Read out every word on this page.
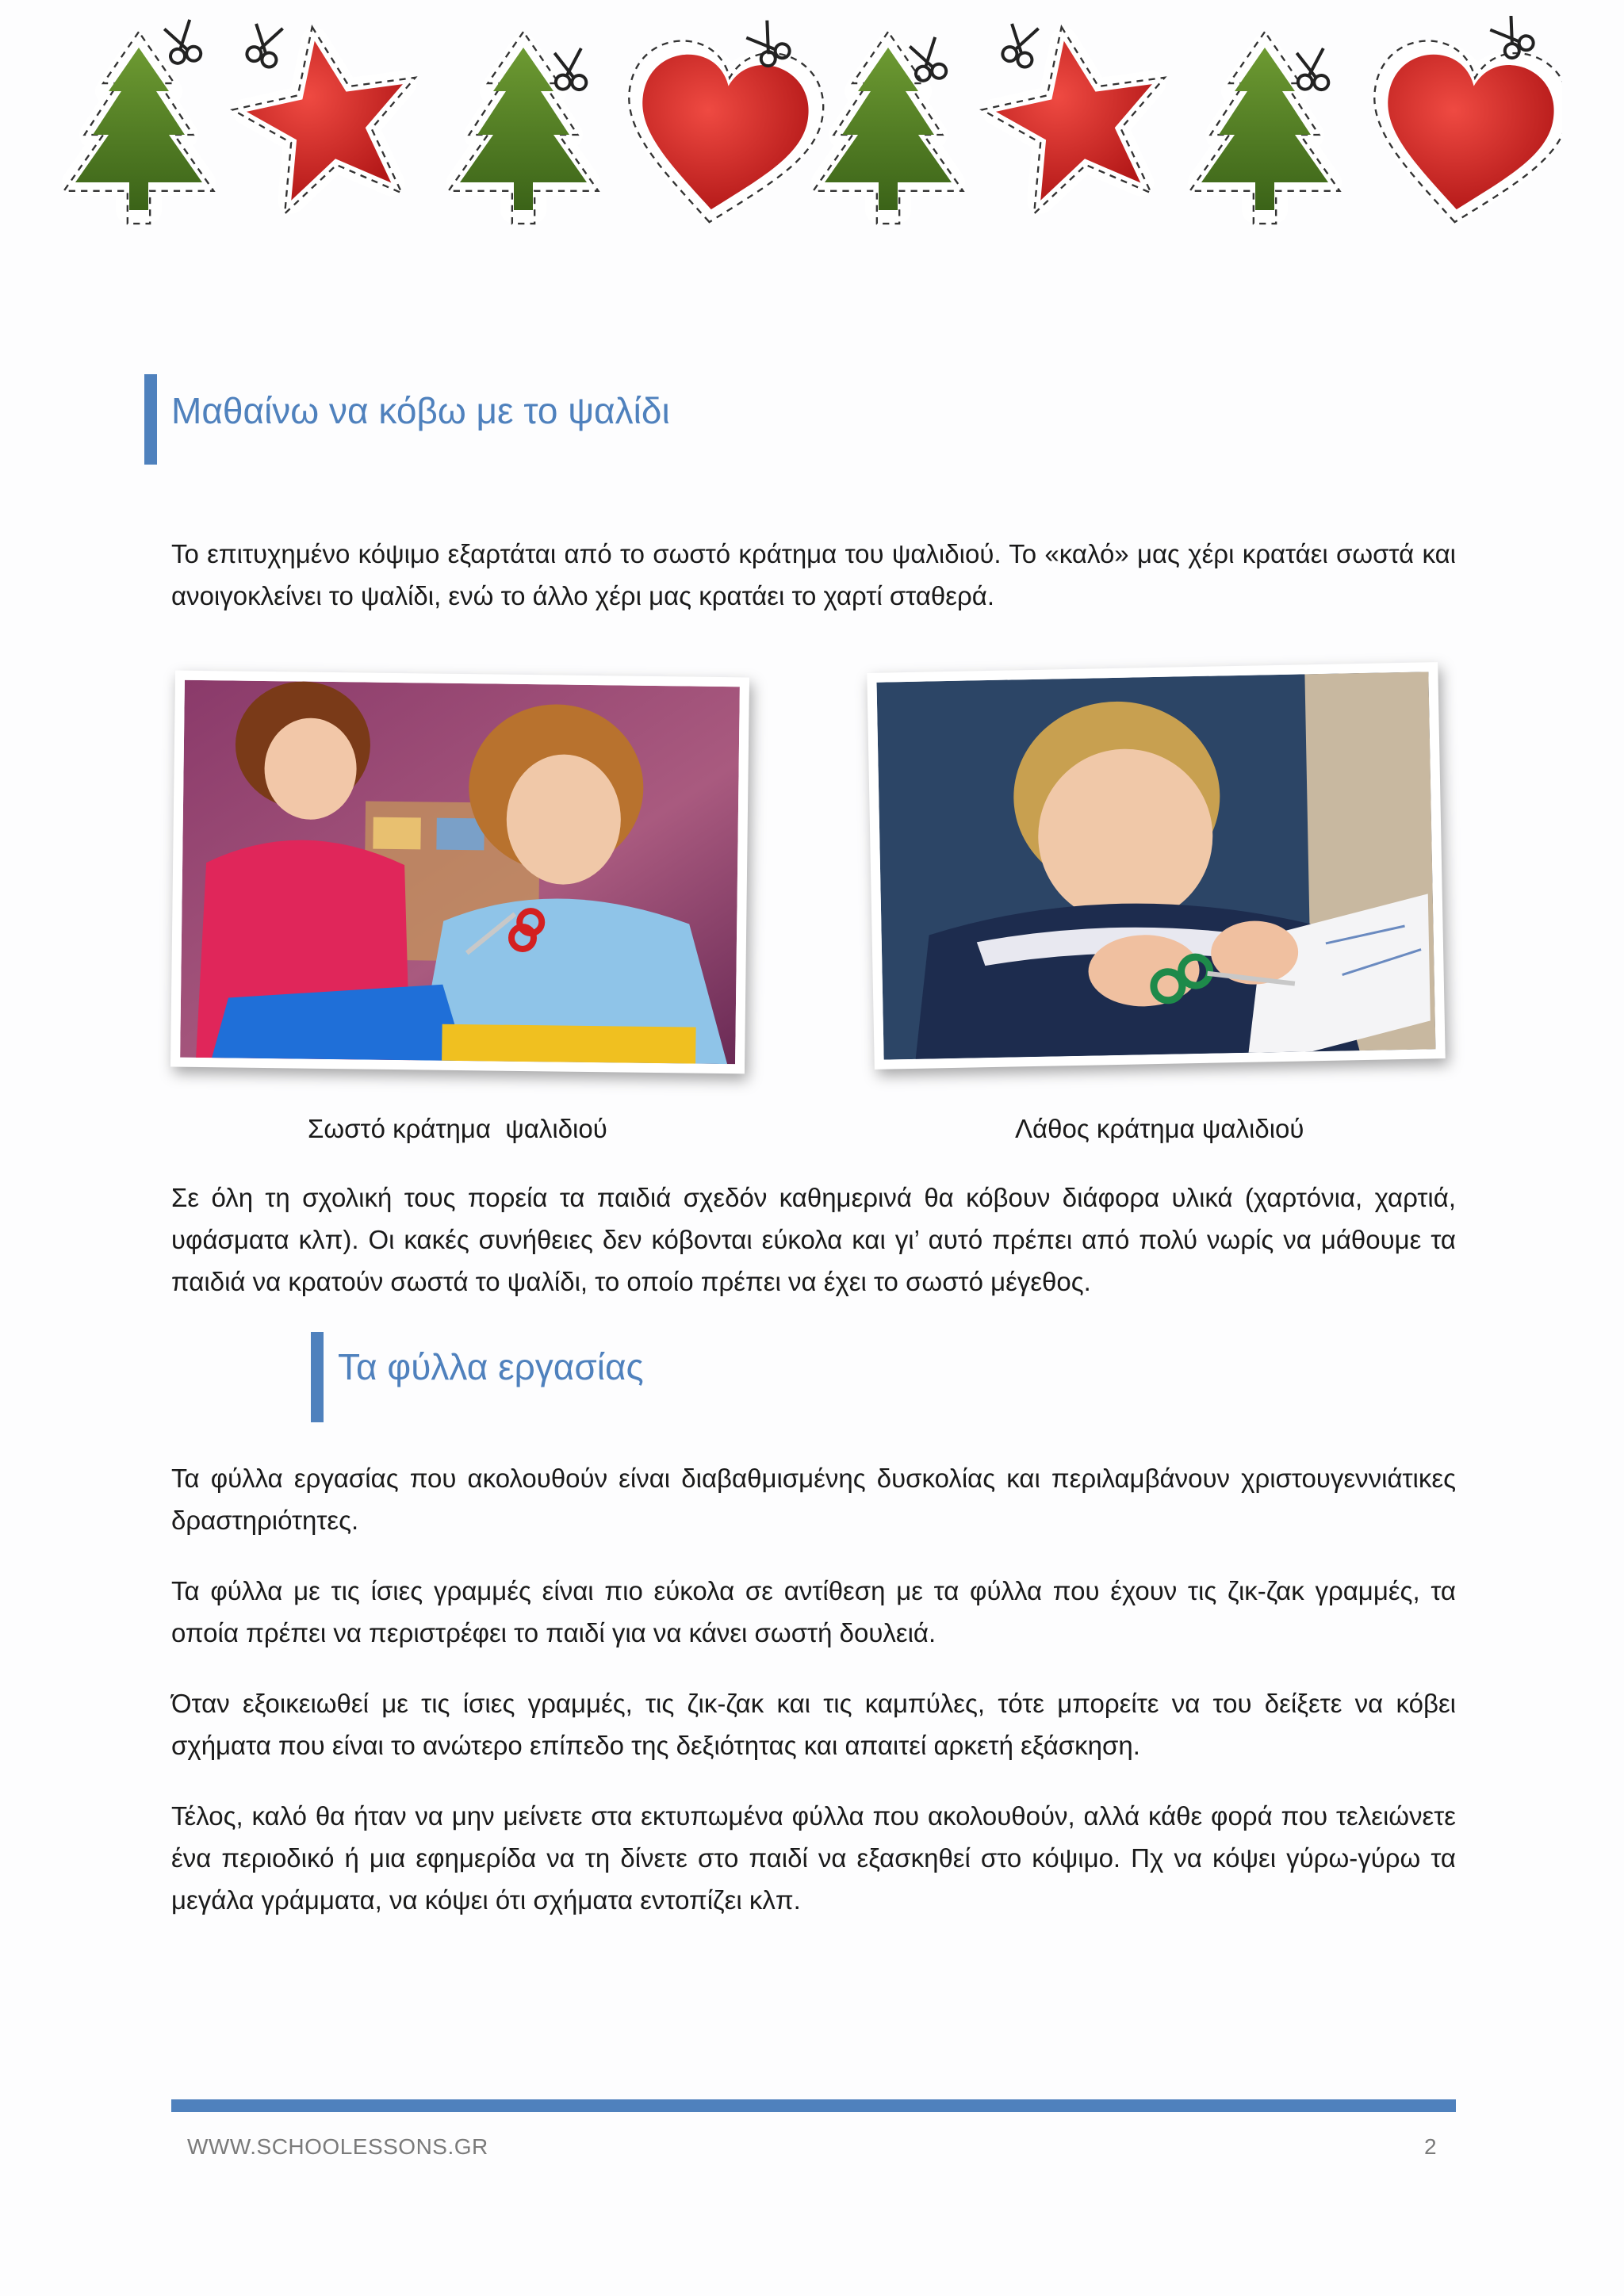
Μαθαίνω να κόβω με το ψαλίδι

Το επιτυχημένο κόψιμο εξαρτάται από το σωστό κράτημα του ψαλιδιού. Το «καλό» μας χέρι κρατάει σωστά και ανοιγοκλείνει το ψαλίδι, ενώ το άλλο χέρι μας κρατάει το χαρτί σταθερά.

Σωστό κράτημα  ψαλιδιού	Λάθος κράτημα ψαλιδιού

Σε όλη τη σχολική τους πορεία τα παιδιά σχεδόν καθημερινά θα κόβουν διάφορα υλικά (χαρτόνια, χαρτιά, υφάσματα κλπ). Οι κακές συνήθειες δεν κόβονται εύκολα και γι’ αυτό πρέπει από πολύ νωρίς να μάθουμε τα παιδιά να κρατούν σωστά το ψαλίδι, το οποίο πρέπει να έχει το σωστό μέγεθος.

Τα φύλλα εργασίας

Τα φύλλα εργασίας που ακολουθούν είναι διαβαθμισμένης δυσκολίας και περιλαμβάνουν χριστουγεννιάτικες δραστηριότητες.

Τα φύλλα με τις ίσιες γραμμές είναι πιο εύκολα σε αντίθεση με τα φύλλα που έχουν τις ζικ-ζακ γραμμές, τα οποία πρέπει να περιστρέφει το παιδί για να κάνει σωστή δουλειά.

Όταν εξοικειωθεί με τις ίσιες γραμμές, τις ζικ-ζακ και τις καμπύλες, τότε μπορείτε να του δείξετε να κόβει σχήματα που είναι το ανώτερο επίπεδο της δεξιότητας και απαιτεί αρκετή εξάσκηση.

Τέλος, καλό θα ήταν να μην μείνετε στα εκτυπωμένα φύλλα που ακολουθούν, αλλά κάθε φορά που τελειώνετε ένα περιοδικό ή μια εφημερίδα να τη δίνετε στο παιδί να εξασκηθεί στο κόψιμο. Πχ να κόψει γύρω-γύρω τα μεγάλα γράμματα, να κόψει ότι σχήματα εντοπίζει κλπ.

WWW.SCHOOLESSONS.GR	2
